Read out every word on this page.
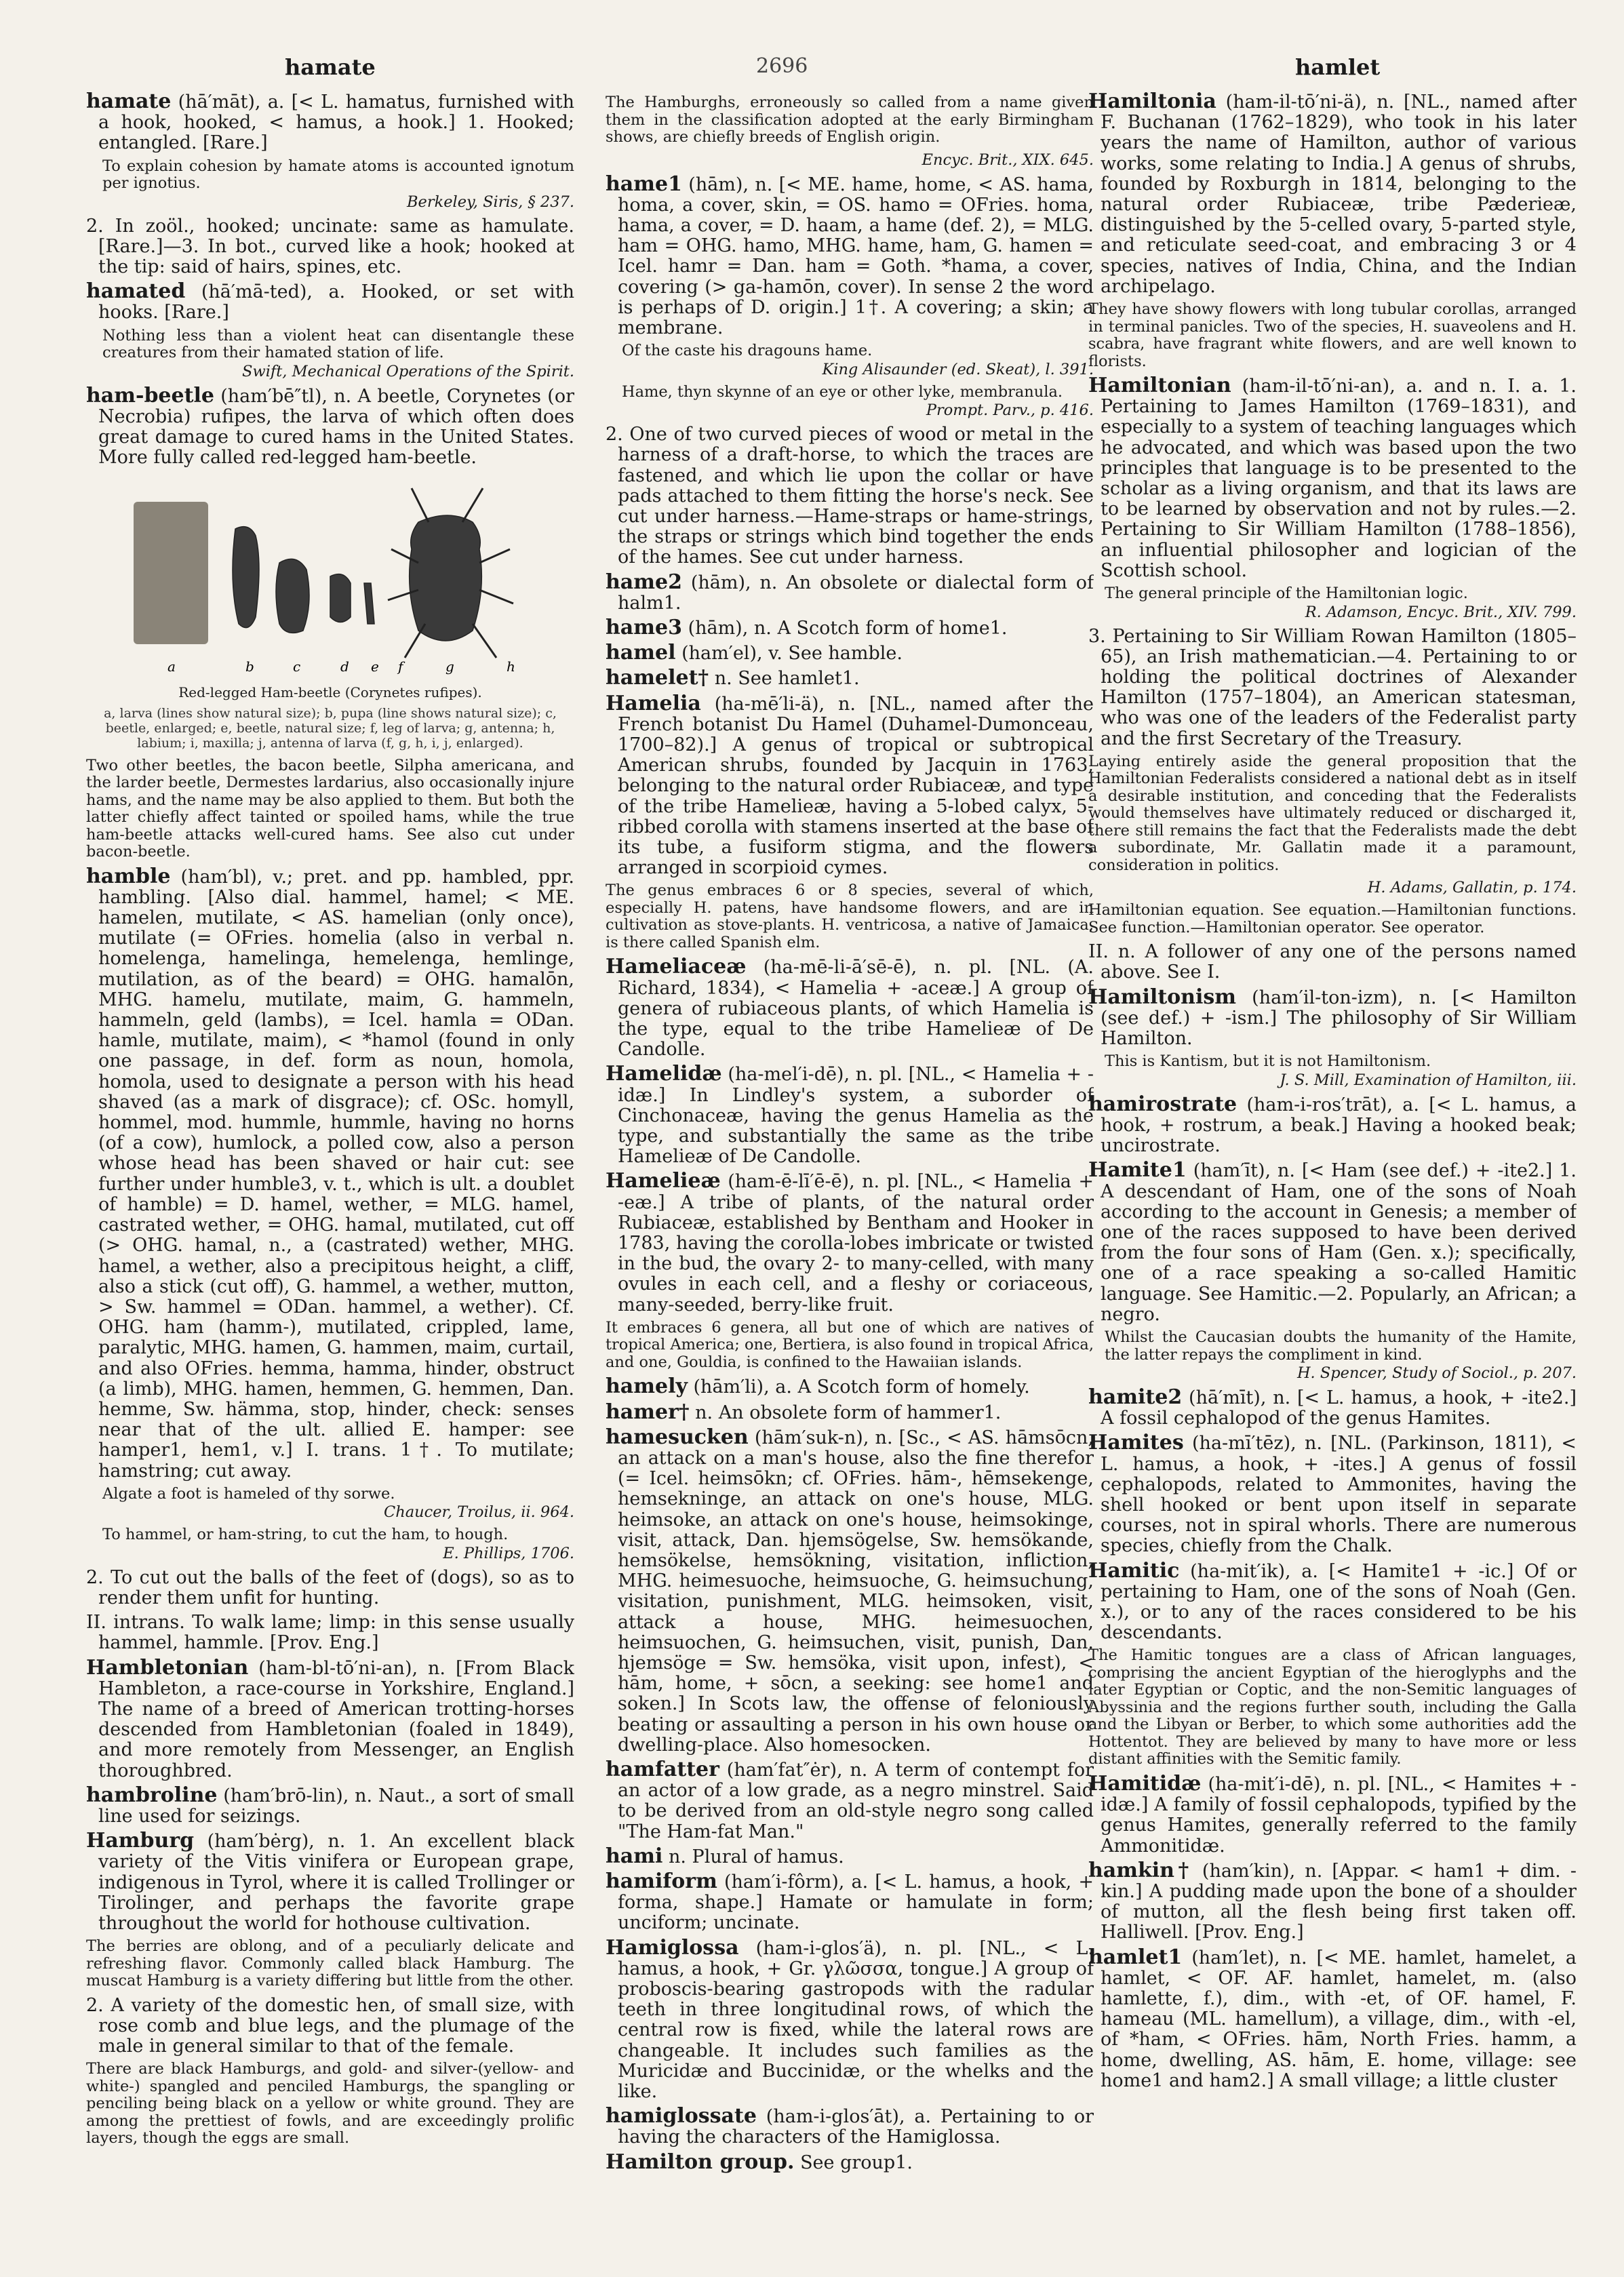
hamate	2696	hamlet

hamate (hā′māt), a. [< L. hamatus, furnished with a hook, hooked, < hamus, a hook.] 1. Hooked; entangled. [Rare.]

To explain cohesion by hamate atoms is accounted ignotum per ignotius.

Berkeley, Siris, § 237.

2. In zoöl., hooked; uncinate: same as hamulate. [Rare.]—3. In bot., curved like a hook; hooked at the tip: said of hairs, spines, etc.

hamated (hā′mā-ted), a. Hooked, or set with hooks. [Rare.]

Nothing less than a violent heat can disentangle these creatures from their hamated station of life.

Swift, Mechanical Operations of the Spirit.

ham-beetle (ham′bē″tl), n. A beetle, Corynetes (or Necrobia) rufipes, the larva of which often does great damage to cured hams in the United States. More fully called red-legged ham-beetle.

a	b	c	d e f	g	h
Red-legged Ham-beetle (Corynetes rufipes).
a, larva (lines show natural size); b, pupa (line shows natural size); c, beetle, enlarged; e, beetle, natural size; f, leg of larva; g, antenna; h, labium; i, maxilla; j, antenna of larva (f, g, h, i, j, enlarged).

Two other beetles, the bacon beetle, Silpha americana, and the larder beetle, Dermestes lardarius, also occasionally injure hams, and the name may be also applied to them. But both the latter chiefly affect tainted or spoiled hams, while the true ham-beetle attacks well-cured hams. See also cut under bacon-beetle.

hamble (ham′bl), v.; pret. and pp. hambled, ppr. hambling. [Also dial. hammel, hamel; < ME. hamelen, mutilate, < AS. hamelian (only once), mutilate (= OFries. homelia (also in verbal n. homelenga, hamelinga, hemelenga, hemlinge, mutilation, as of the beard) = OHG. hamalōn, MHG. hamelu, mutilate, maim, G. hammeln, hammeln, geld (lambs), = Icel. hamla = ODan. hamle, mutilate, maim), < *hamol (found in only one passage, in def. form as noun, homola, homola, used to designate a person with his head shaved (as a mark of disgrace); cf. OSc. homyll, hommel, mod. hummle, hummle, having no horns (of a cow), humlock, a polled cow, also a person whose head has been shaved or hair cut: see further under humble3, v. t., which is ult. a doublet of hamble) = D. hamel, wether, = MLG. hamel, castrated wether, = OHG. hamal, mutilated, cut off (> OHG. hamal, n., a (castrated) wether, MHG. hamel, a wether, also a precipitous height, a cliff, also a stick (cut off), G. hammel, a wether, mutton, > Sw. hammel = ODan. hammel, a wether). Cf. OHG. ham (hamm-), mutilated, crippled, lame, paralytic, MHG. hamen, G. hammen, maim, curtail, and also OFries. hemma, hamma, hinder, obstruct (a limb), MHG. hamen, hemmen, G. hemmen, Dan. hemme, Sw. hämma, stop, hinder, check: senses near that of the ult. allied E. hamper: see hamper1, hem1, v.] I. trans. 1†. To mutilate; hamstring; cut away.

Algate a foot is hameled of thy sorwe.

Chaucer, Troilus, ii. 964.

To hammel, or ham-string, to cut the ham, to hough.

E. Phillips, 1706.

2. To cut out the balls of the feet of (dogs), so as to render them unfit for hunting.

II. intrans. To walk lame; limp: in this sense usually hammel, hammle. [Prov. Eng.]

Hambletonian (ham-bl-tō′ni-an), n. [From Black Hambleton, a race-course in Yorkshire, England.] The name of a breed of American trotting-horses descended from Hambletonian (foaled in 1849), and more remotely from Messenger, an English thoroughbred.

hambroline (ham′brō-lin), n. Naut., a sort of small line used for seizings.

Hamburg (ham′bėrg), n. 1. An excellent black variety of the Vitis vinifera or European grape, indigenous in Tyrol, where it is called Trollinger or Tirolinger, and perhaps the favorite grape throughout the world for hothouse cultivation.

The berries are oblong, and of a peculiarly delicate and refreshing flavor. Commonly called black Hamburg. The muscat Hamburg is a variety differing but little from the other.

2. A variety of the domestic hen, of small size, with rose comb and blue legs, and the plumage of the male in general similar to that of the female.

There are black Hamburgs, and gold- and silver-(yellow- and white-) spangled and penciled Hamburgs, the spangling or penciling being black on a yellow or white ground. They are among the prettiest of fowls, and are exceedingly prolific layers, though the eggs are small.

The Hamburghs, erroneously so called from a name given them in the classification adopted at the early Birmingham shows, are chiefly breeds of English origin.

Encyc. Brit., XIX. 645.

hame1 (hām), n. [< ME. hame, home, < AS. hama, homa, a cover, skin, = OS. hamo = OFries. homa, hama, a cover, = D. haam, a hame (def. 2), = MLG. ham = OHG. hamo, MHG. hame, ham, G. hamen = Icel. hamr = Dan. ham = Goth. *hama, a cover, covering (> ga-hamōn, cover). In sense 2 the word is perhaps of D. origin.] 1†. A covering; a skin; a membrane.

Of the caste his dragouns hame.

King Alisaunder (ed. Skeat), l. 391.

Hame, thyn skynne of an eye or other lyke, membranula.

Prompt. Parv., p. 416.

2. One of two curved pieces of wood or metal in the harness of a draft-horse, to which the traces are fastened, and which lie upon the collar or have pads attached to them fitting the horse's neck. See cut under harness.—Hame-straps or hame-strings, the straps or strings which bind together the ends of the hames. See cut under harness.

hame2 (hām), n. An obsolete or dialectal form of halm1.

hame3 (hām), n. A Scotch form of home1.

hamel (ham′el), v. See hamble.

hamelet† n. See hamlet1.

Hamelia (ha-mē′li-ä), n. [NL., named after the French botanist Du Hamel (Duhamel-Dumonceau, 1700–82).] A genus of tropical or subtropical American shrubs, founded by Jacquin in 1763, belonging to the natural order Rubiaceæ, and type of the tribe Hamelieæ, having a 5-lobed calyx, 5-ribbed corolla with stamens inserted at the base of its tube, a fusiform stigma, and the flowers arranged in scorpioid cymes.

The genus embraces 6 or 8 species, several of which, especially H. patens, have handsome flowers, and are in cultivation as stove-plants. H. ventricosa, a native of Jamaica, is there called Spanish elm.

Hameliaceæ (ha-mē-li-ā′sē-ē), n. pl. [NL. (A. Richard, 1834), < Hamelia + -aceæ.] A group of genera of rubiaceous plants, of which Hamelia is the type, equal to the tribe Hamelieæ of De Candolle.

Hamelidæ (ha-mel′i-dē), n. pl. [NL., < Hamelia + -idæ.] In Lindley's system, a suborder of Cinchonaceæ, having the genus Hamelia as the type, and substantially the same as the tribe Hamelieæ of De Candolle.

Hamelieæ (ham-ē-lī′ē-ē), n. pl. [NL., < Hamelia + -eæ.] A tribe of plants, of the natural order Rubiaceæ, established by Bentham and Hooker in 1783, having the corolla-lobes imbricate or twisted in the bud, the ovary 2- to many-celled, with many ovules in each cell, and a fleshy or coriaceous, many-seeded, berry-like fruit.

It embraces 6 genera, all but one of which are natives of tropical America; one, Bertiera, is also found in tropical Africa, and one, Gouldia, is confined to the Hawaiian islands.

hamely (hām′li), a. A Scotch form of homely.

hamer† n. An obsolete form of hammer1.

hamesucken (hām′suk-n), n. [Sc., < AS. hāmsōcn, an attack on a man's house, also the fine therefor (= Icel. heimsōkn; cf. OFries. hām-, hēmsekenge, hemsekninge, an attack on one's house, MLG. heimsoke, an attack on one's house, heimsokinge, visit, attack, Dan. hjemsögelse, Sw. hemsökande, hemsökelse, hemsökning, visitation, infliction, MHG. heimesuoche, heimsuoche, G. heimsuchung, visitation, punishment, MLG. heimsoken, visit, attack a house, MHG. heimesuochen, heimsuochen, G. heimsuchen, visit, punish, Dan. hjemsöge = Sw. hemsöka, visit upon, infest), < hām, home, + sōcn, a seeking: see home1 and soken.] In Scots law, the offense of feloniously beating or assaulting a person in his own house or dwelling-place. Also homesocken.

hamfatter (ham′fat″ėr), n. A term of contempt for an actor of a low grade, as a negro minstrel. Said to be derived from an old-style negro song called "The Ham-fat Man."

hami n. Plural of hamus.

hamiform (ham′i-fôrm), a. [< L. hamus, a hook, + forma, shape.] Hamate or hamulate in form; unciform; uncinate.

Hamiglossa (ham-i-glos′ä), n. pl. [NL., < L. hamus, a hook, + Gr. γλῶσσα, tongue.] A group of proboscis-bearing gastropods with the radular teeth in three longitudinal rows, of which the central row is fixed, while the lateral rows are changeable. It includes such families as the Muricidæ and Buccinidæ, or the whelks and the like.

hamiglossate (ham-i-glos′āt), a. Pertaining to or having the characters of the Hamiglossa.

Hamilton group. See group1.

Hamiltonia (ham-il-tō′ni-ä), n. [NL., named after F. Buchanan (1762–1829), who took in his later years the name of Hamilton, author of various works, some relating to India.] A genus of shrubs, founded by Roxburgh in 1814, belonging to the natural order Rubiaceæ, tribe Pæderieæ, distinguished by the 5-celled ovary, 5-parted style, and reticulate seed-coat, and embracing 3 or 4 species, natives of India, China, and the Indian archipelago.

They have showy flowers with long tubular corollas, arranged in terminal panicles. Two of the species, H. suaveolens and H. scabra, have fragrant white flowers, and are well known to florists.

Hamiltonian (ham-il-tō′ni-an), a. and n. I. a. 1. Pertaining to James Hamilton (1769–1831), and especially to a system of teaching languages which he advocated, and which was based upon the two principles that language is to be presented to the scholar as a living organism, and that its laws are to be learned by observation and not by rules.—2. Pertaining to Sir William Hamilton (1788–1856), an influential philosopher and logician of the Scottish school.

The general principle of the Hamiltonian logic.

R. Adamson, Encyc. Brit., XIV. 799.

3. Pertaining to Sir William Rowan Hamilton (1805–65), an Irish mathematician.—4. Pertaining to or holding the political doctrines of Alexander Hamilton (1757–1804), an American statesman, who was one of the leaders of the Federalist party and the first Secretary of the Treasury.

Laying entirely aside the general proposition that the Hamiltonian Federalists considered a national debt as in itself a desirable institution, and conceding that the Federalists would themselves have ultimately reduced or discharged it, there still remains the fact that the Federalists made the debt a subordinate, Mr. Gallatin made it a paramount, consideration in politics.

H. Adams, Gallatin, p. 174.

Hamiltonian equation. See equation.—Hamiltonian functions. See function.—Hamiltonian operator. See operator.

II. n. A follower of any one of the persons named above. See I.

Hamiltonism (ham′il-ton-izm), n. [< Hamilton (see def.) + -ism.] The philosophy of Sir William Hamilton.

This is Kantism, but it is not Hamiltonism.

J. S. Mill, Examination of Hamilton, iii.

hamirostrate (ham-i-ros′trāt), a. [< L. hamus, a hook, + rostrum, a beak.] Having a hooked beak; uncirostrate.

Hamite1 (ham′īt), n. [< Ham (see def.) + -ite2.] 1. A descendant of Ham, one of the sons of Noah according to the account in Genesis; a member of one of the races supposed to have been derived from the four sons of Ham (Gen. x.); specifically, one of a race speaking a so-called Hamitic language. See Hamitic.—2. Popularly, an African; a negro.

Whilst the Caucasian doubts the humanity of the Hamite, the latter repays the compliment in kind.

H. Spencer, Study of Sociol., p. 207.

hamite2 (hā′mīt), n. [< L. hamus, a hook, + -ite2.] A fossil cephalopod of the genus Hamites.

Hamites (ha-mī′tēz), n. [NL. (Parkinson, 1811), < L. hamus, a hook, + -ites.] A genus of fossil cephalopods, related to Ammonites, having the shell hooked or bent upon itself in separate courses, not in spiral whorls. There are numerous species, chiefly from the Chalk.

Hamitic (ha-mit′ik), a. [< Hamite1 + -ic.] Of or pertaining to Ham, one of the sons of Noah (Gen. x.), or to any of the races considered to be his descendants.

The Hamitic tongues are a class of African languages, comprising the ancient Egyptian of the hieroglyphs and the later Egyptian or Coptic, and the non-Semitic languages of Abyssinia and the regions further south, including the Galla and the Libyan or Berber, to which some authorities add the Hottentot. They are believed by many to have more or less distant affinities with the Semitic family.

Hamitidæ (ha-mit′i-dē), n. pl. [NL., < Hamites + -idæ.] A family of fossil cephalopods, typified by the genus Hamites, generally referred to the family Ammonitidæ.

hamkin† (ham′kin), n. [Appar. < ham1 + dim. -kin.] A pudding made upon the bone of a shoulder of mutton, all the flesh being first taken off. Halliwell. [Prov. Eng.]

hamlet1 (ham′let), n. [< ME. hamlet, hamelet, a hamlet, < OF. AF. hamlet, hamelet, m. (also hamlette, f.), dim., with -et, of OF. hamel, F. hameau (ML. hamellum), a village, dim., with -el, of *ham, < OFries. hām, North Fries. hamm, a home, dwelling, AS. hām, E. home, village: see home1 and ham2.] A small village; a little cluster
